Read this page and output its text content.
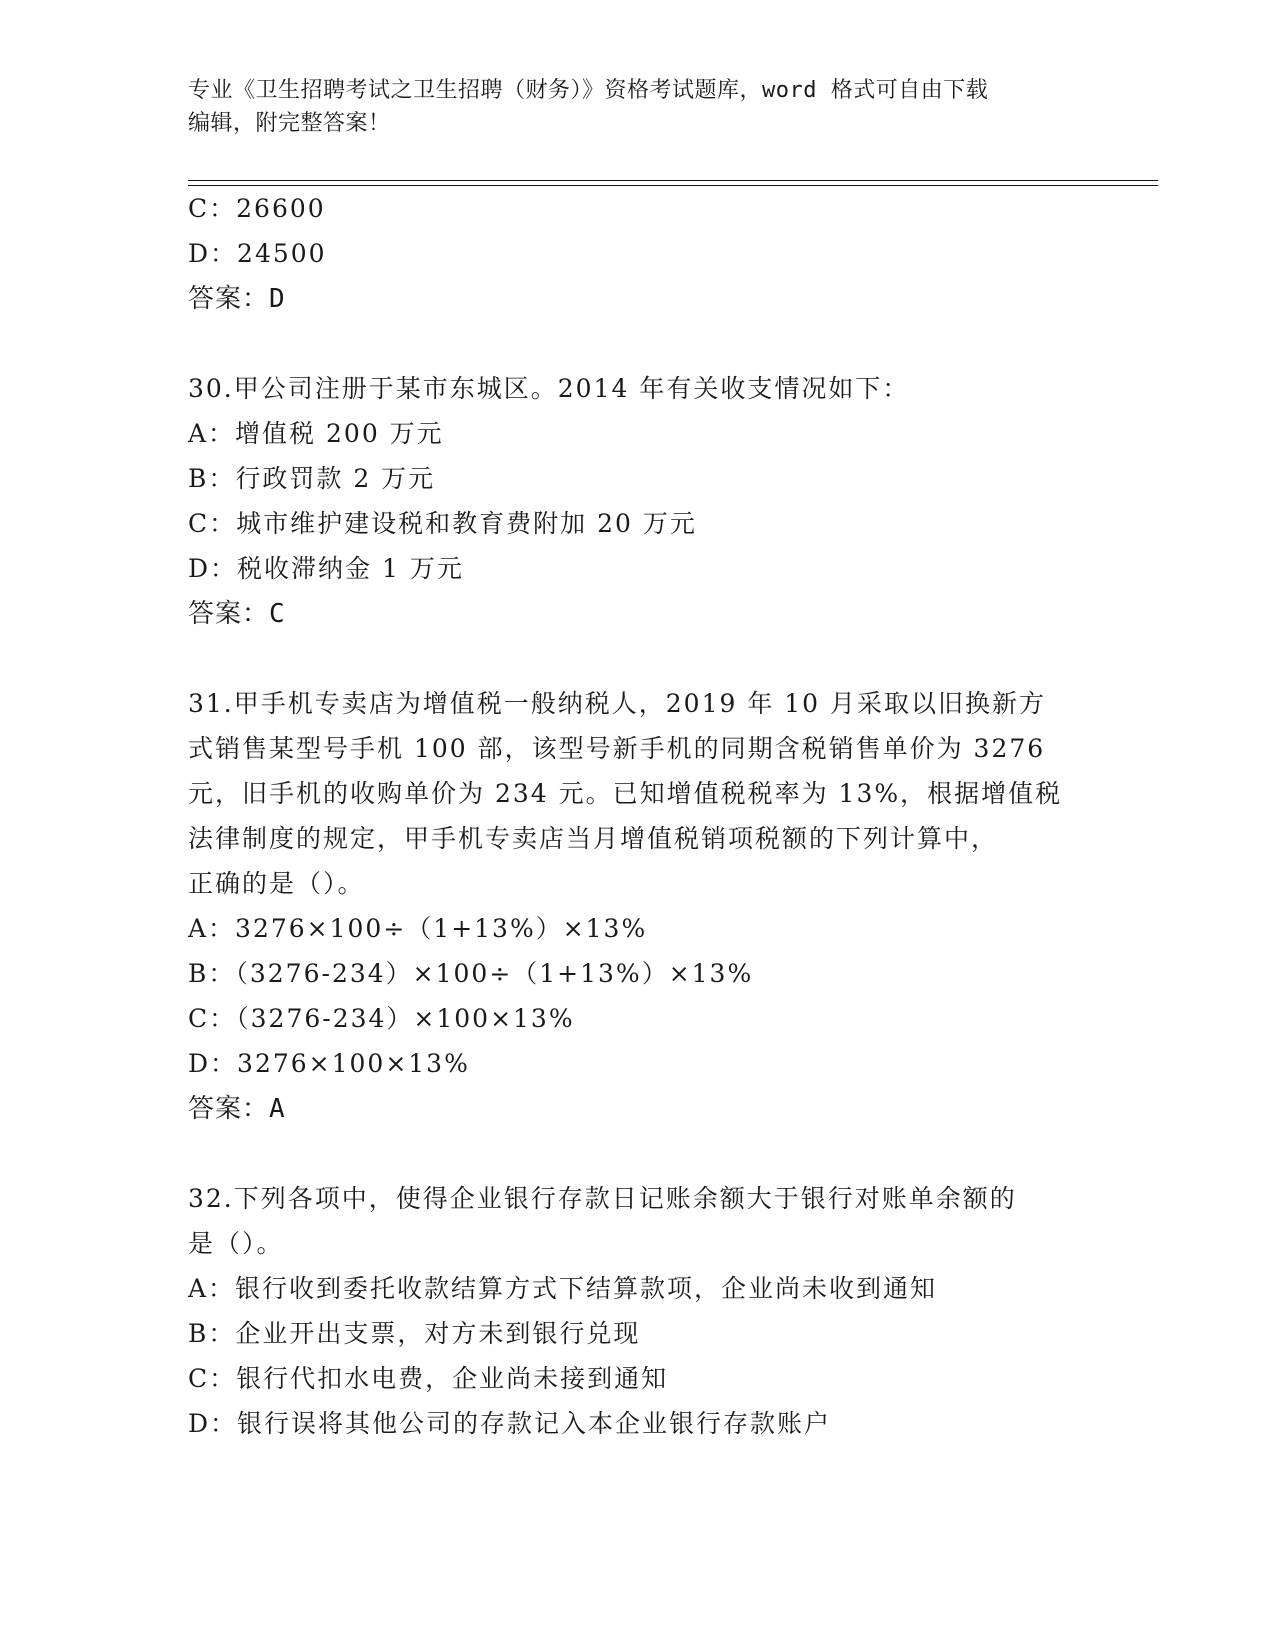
专业《卫生招聘考试之卫生招聘（财务）》资格考试题库，word 格式可自由下载
编辑，附完整答案！
C：26600
D：24500
答案：D
30.甲公司注册于某市东城区。2014 年有关收支情况如下：
A：增值税 200 万元
B：行政罚款 2 万元
C：城市维护建设税和教育费附加 20 万元
D：税收滞纳金 1 万元
答案：C
31.甲手机专卖店为增值税一般纳税人，2019 年 10 月采取以旧换新方
式销售某型号手机 100 部，该型号新手机的同期含税销售单价为 3276
元，旧手机的收购单价为 234 元。已知增值税税率为 13%，根据增值税
法律制度的规定，甲手机专卖店当月增值税销项税额的下列计算中，
正确的是（）。
A：3276×100÷（1+13%）×13%
B：（3276-234）×100÷（1+13%）×13%
C：（3276-234）×100×13%
D：3276×100×13%
答案：A
32.下列各项中，使得企业银行存款日记账余额大于银行对账单余额的
是（）。
A：银行收到委托收款结算方式下结算款项，企业尚未收到通知
B：企业开出支票，对方未到银行兑现
C：银行代扣水电费，企业尚未接到通知
D：银行误将其他公司的存款记入本企业银行存款账户
